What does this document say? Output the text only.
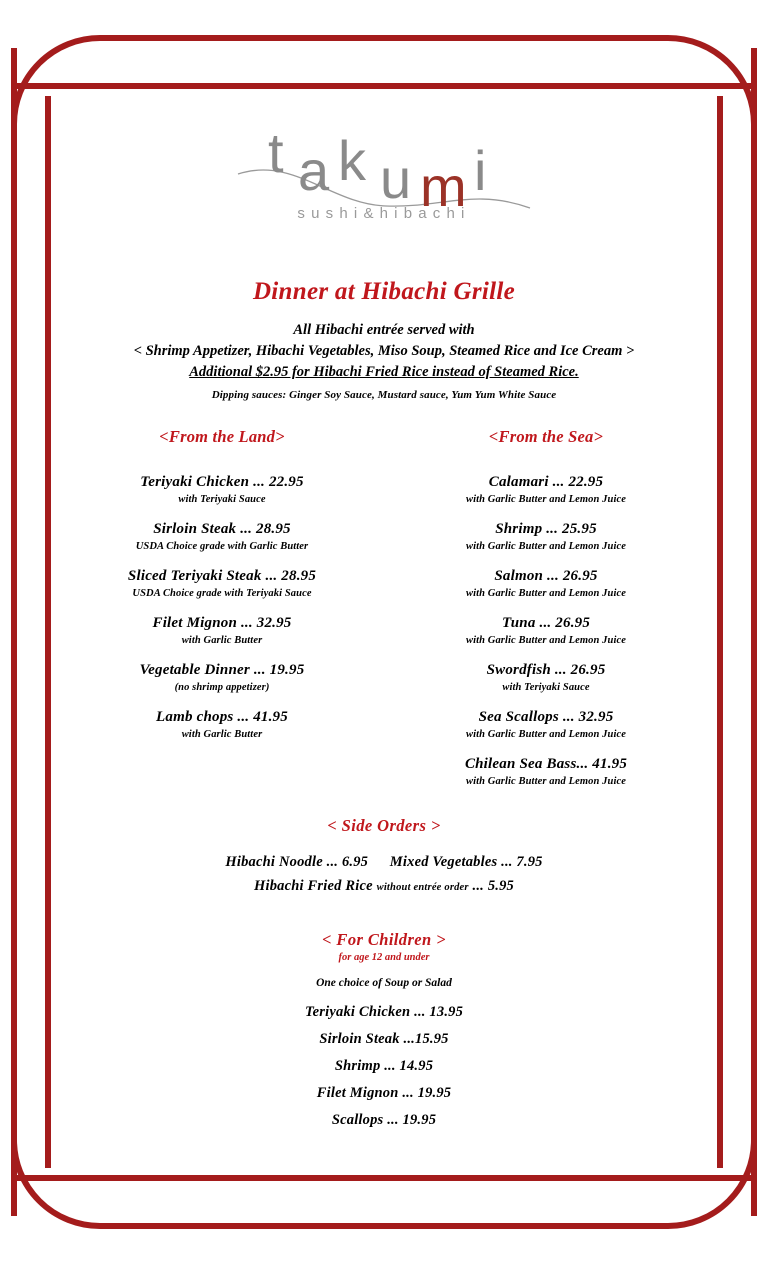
t a k u m i
sushi&hibachi
Dinner at Hibachi Grille
All Hibachi entrée served with
< Shrimp Appetizer, Hibachi Vegetables, Miso Soup, Steamed Rice and Ice Cream >
Additional $2.95 for Hibachi Fried Rice instead of Steamed Rice.
Dipping sauces: Ginger Soy Sauce, Mustard sauce, Yum Yum White Sauce
<From the Land>
Teriyaki Chicken ... 22.95
with Teriyaki Sauce
Sirloin Steak ... 28.95
USDA Choice grade with Garlic Butter
Sliced Teriyaki Steak ... 28.95
USDA Choice grade with Teriyaki Sauce
Filet Mignon ... 32.95
with Garlic Butter
Vegetable Dinner ... 19.95
(no shrimp appetizer)
Lamb chops ... 41.95
with Garlic Butter
<From the Sea>
Calamari ... 22.95
with Garlic Butter and Lemon Juice
Shrimp ... 25.95
with Garlic Butter and Lemon Juice
Salmon ... 26.95
with Garlic Butter and Lemon Juice
Tuna ... 26.95
with Garlic Butter and Lemon Juice
Swordfish ... 26.95
with Teriyaki Sauce
Sea Scallops ... 32.95
with Garlic Butter and Lemon Juice
Chilean Sea Bass... 41.95
with Garlic Butter and Lemon Juice
< Side Orders >
Hibachi Noodle ... 6.95 Mixed Vegetables ... 7.95
Hibachi Fried Rice without entrée order ... 5.95
< For Children >
for age 12 and under
One choice of Soup or Salad
Teriyaki Chicken ... 13.95
Sirloin Steak ...15.95
Shrimp ... 14.95
Filet Mignon ... 19.95
Scallops ... 19.95
